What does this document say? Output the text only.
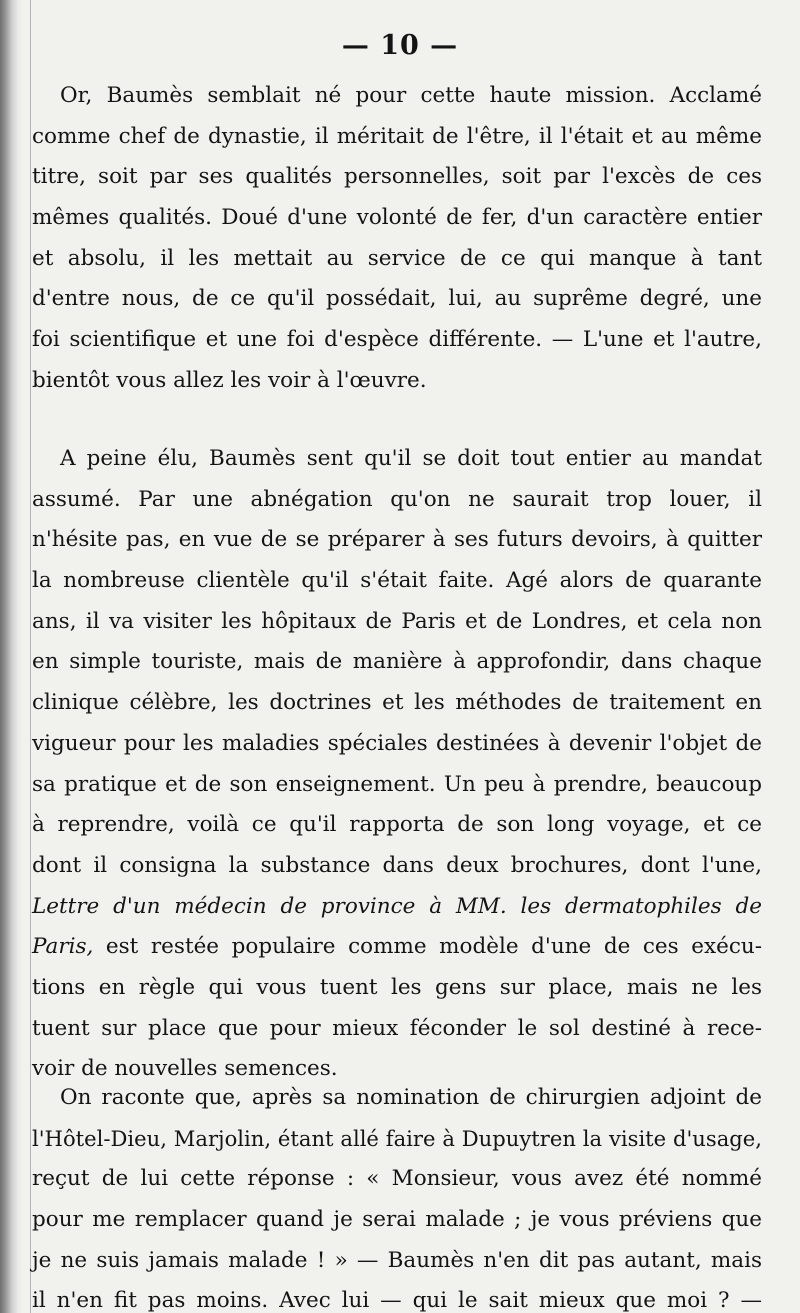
— 10 —
Or, Baumès semblait né pour cette haute mission. Acclamé
comme chef de dynastie, il méritait de l'être, il l'était et au même
titre, soit par ses qualités personnelles, soit par l'excès de ces
mêmes qualités. Doué d'une volonté de fer, d'un caractère entier
et absolu, il les mettait au service de ce qui manque à tant
d'entre nous, de ce qu'il possédait, lui, au suprême degré, une
foi scientifique et une foi d'espèce différente. — L'une et l'autre,
bientôt vous allez les voir à l'œuvre.
A peine élu, Baumès sent qu'il se doit tout entier au mandat
assumé. Par une abnégation qu'on ne saurait trop louer, il
n'hésite pas, en vue de se préparer à ses futurs devoirs, à quitter
la nombreuse clientèle qu'il s'était faite. Agé alors de quarante
ans, il va visiter les hôpitaux de Paris et de Londres, et cela non
en simple touriste, mais de manière à approfondir, dans chaque
clinique célèbre, les doctrines et les méthodes de traitement en
vigueur pour les maladies spéciales destinées à devenir l'objet de
sa pratique et de son enseignement. Un peu à prendre, beaucoup
à reprendre, voilà ce qu'il rapporta de son long voyage, et ce
dont il consigna la substance dans deux brochures, dont l'une,
Lettre d'un médecin de province à MM. les dermatophiles de
Paris, est restée populaire comme modèle d'une de ces exécu-
tions en règle qui vous tuent les gens sur place, mais ne les
tuent sur place que pour mieux féconder le sol destiné à rece-
voir de nouvelles semences.
On raconte que, après sa nomination de chirurgien adjoint de
l'Hôtel-Dieu, Marjolin, étant allé faire à Dupuytren la visite d'usage,
reçut de lui cette réponse : « Monsieur, vous avez été nommé
pour me remplacer quand je serai malade ; je vous préviens que
je ne suis jamais malade ! » — Baumès n'en dit pas autant, mais
il n'en fit pas moins. Avec lui — qui le sait mieux que moi ? —
